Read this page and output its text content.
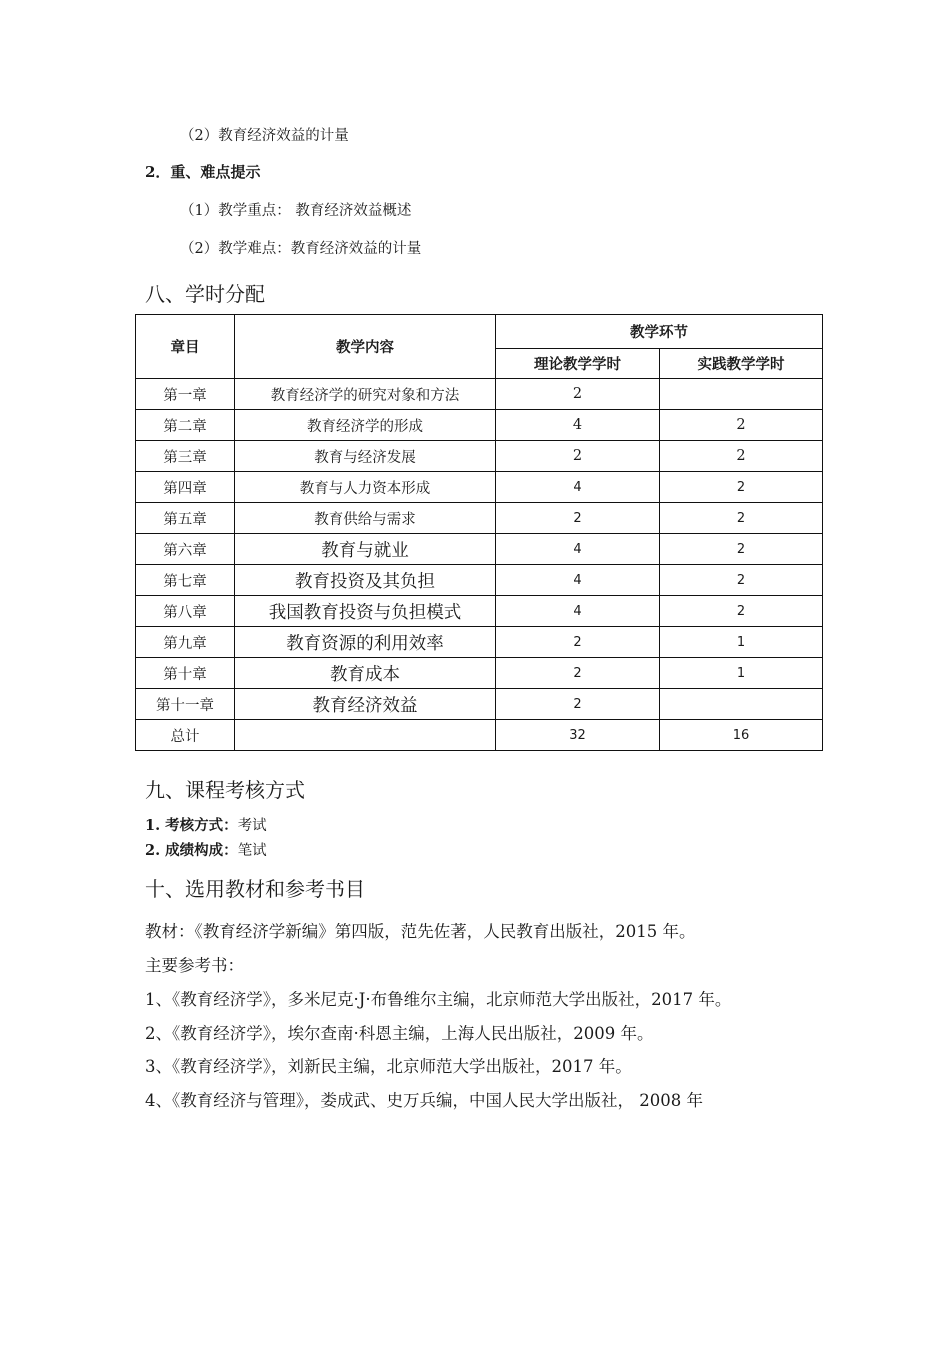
（2）教育经济效益的计量
2．重、难点提示
（1）教学重点： 教育经济效益概述
（2）教学难点：教育经济效益的计量
八、学时分配
章目	教学内容	教学环节	
		理论教学学时	实践教学学时
第一章	教育经济学的研究对象和方法	2	
第二章	教育经济学的形成	4	2
第三章	教育与经济发展	2	2
第四章	教育与人力资本形成	4	2
第五章	教育供给与需求	2	2
第六章	教育与就业	4	2
第七章	教育投资及其负担	4	2
第八章	我国教育投资与负担模式	4	2
第九章	教育资源的利用效率	2	1
第十章	教育成本	2	1
第十一章	教育经济效益	2	
总计		32	16
九、课程考核方式
1. 考核方式：考试
2. 成绩构成：笔试
十、选用教材和参考书目
教材：《教育经济学新编》第四版，范先佐著，人民教育出版社，2015 年。
主要参考书：
1、《教育经济学》，多米尼克·J·布鲁维尔主编，北京师范大学出版社，2017 年。
2、《教育经济学》，埃尔查南·科恩主编，上海人民出版社，2009 年。
3、《教育经济学》，刘新民主编，北京师范大学出版社，2017 年。
4、《教育经济与管理》，娄成武、史万兵编，中国人民大学出版社， 2008 年
